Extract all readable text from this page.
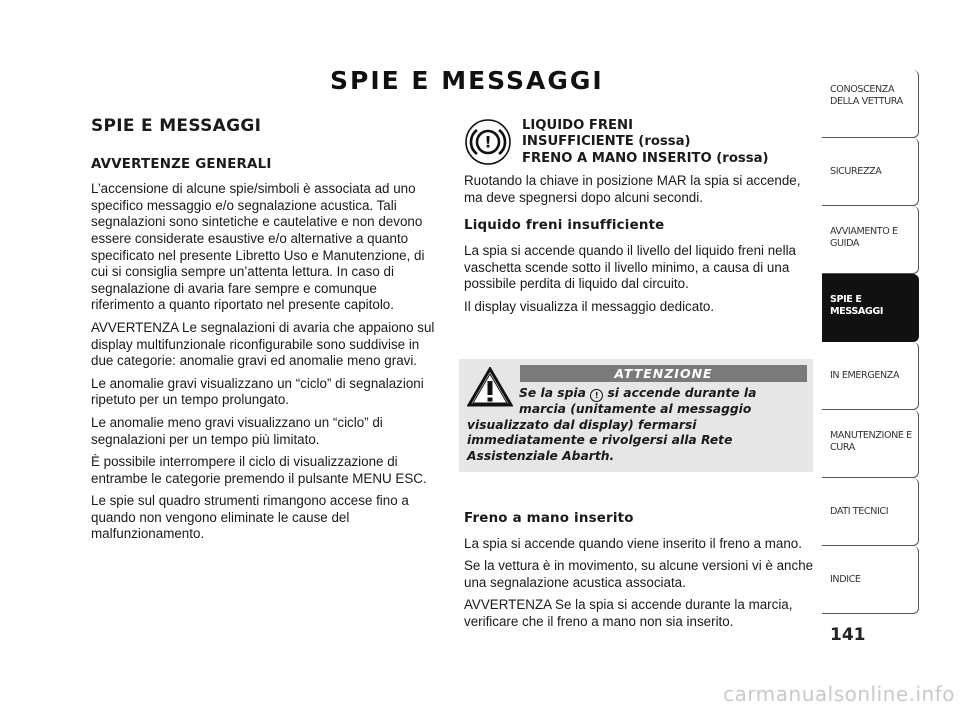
SPIE E MESSAGGI
SPIE E MESSAGGI
AVVERTENZE GENERALI

L’accensione di alcune spie/simboli è associata ad uno specifico messaggio e/o segnalazione acustica. Tali segnalazioni sono sintetiche e cautelative e non devono essere considerate esaustive e/o alternative a quanto specificato nel presente Libretto Uso e Manutenzione, di cui si consiglia sempre un’attenta lettura. In caso di segnalazione di avaria fare sempre e comunque riferimento a quanto riportato nel presente capitolo.

AVVERTENZA Le segnalazioni di avaria che appaiono sul display multifunzionale riconfigurabile sono suddivise in due categorie: anomalie gravi ed anomalie meno gravi.

Le anomalie gravi visualizzano un “ciclo” di segnalazioni ripetuto per un tempo prolungato.

Le anomalie meno gravi visualizzano un “ciclo” di segnalazioni per un tempo più limitato.

È possibile interrompere il ciclo di visualizzazione di entrambe le categorie premendo il pulsante MENU ESC.

Le spie sul quadro strumenti rimangono accese fino a quando non vengono eliminate le cause del malfunzionamento.

!
LIQUIDO FRENI
INSUFFICIENTE (rossa)
FRENO A MANO INSERITO (rossa)

Ruotando la chiave in posizione MAR la spia si accende, ma deve spegnersi dopo alcuni secondi.

Liquido freni insufficiente

La spia si accende quando il livello del liquido freni nella vaschetta scende sotto il livello minimo, a causa di una possibile perdita di liquido dal circuito.

Il display visualizza il messaggio dedicato.

ATTENZIONE
Se la spia ! si accende durante la marcia (unitamente al messaggio visualizzato dal display) fermarsi immediatamente e rivolgersi alla Rete Assistenziale Abarth.
Freno a mano inserito

La spia si accende quando viene inserito il freno a mano.

Se la vettura è in movimento, su alcune versioni vi è anche una segnalazione acustica associata.

AVVERTENZA Se la spia si accende durante la marcia, verificare che il freno a mano non sia inserito.

CONOSCENZA DELLA VETTURA
SICUREZZA
AVVIAMENTO E GUIDA
SPIE E MESSAGGI
IN EMERGENZA
MANUTENZIONE E CURA
DATI TECNICI
INDICE
141
carmanualsonline.info
